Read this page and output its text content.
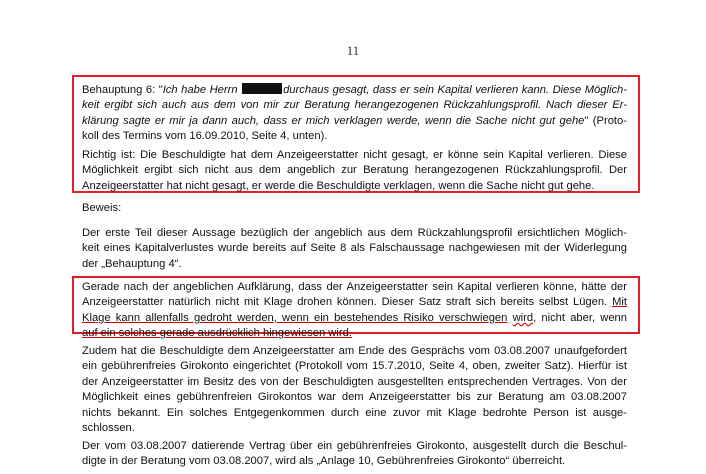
11
Behauptung 6: "Ich habe Herrn	durchaus gesagt, dass er sein Kapital verlieren kann. Diese Möglich-
keit ergibt sich auch aus dem von mir zur Beratung herangezogenen Rückzahlungsprofil. Nach dieser Er-
klärung sagte er mir ja dann auch, dass er mich verklagen werde, wenn die Sache nicht gut gehe" (Proto-
koll des Termins vom 16.09.2010, Seite 4, unten).
Richtig ist: Die Beschuldigte hat dem Anzeigeerstatter nicht gesagt, er könne sein Kapital verlieren. Diese
Möglichkeit ergibt sich nicht aus dem angeblich zur Beratung herangezogenen Rückzahlungsprofil. Der
Anzeigeerstatter hat nicht gesagt, er werde die Beschuldigte verklagen, wenn die Sache nicht gut gehe.
Beweis:
Der erste Teil dieser Aussage bezüglich der angeblich aus dem Rückzahlungsprofil ersichtlichen Möglich-
keit eines Kapitalverlustes wurde bereits auf Seite 8 als Falschaussage nachgewiesen mit der Widerlegung
der „Behauptung 4“.
Gerade nach der angeblichen Aufklärung, dass der Anzeigeerstatter sein Kapital verlieren könne, hätte der
Anzeigeerstatter natürlich nicht mit Klage drohen können. Dieser Satz straft sich bereits selbst Lügen. Mit
Klage kann allenfalls gedroht werden, wenn ein bestehendes Risiko verschwiegen wird, nicht aber, wenn
auf ein solches gerade ausdrücklich hingewiesen wird.
Zudem hat die Beschuldigte dem Anzeigeerstatter am Ende des Gesprächs vom 03.08.2007 unaufgefordert
ein gebührenfreies Girokonto eingerichtet (Protokoll vom 15.7.2010, Seite 4, oben, zweiter Satz). Hierfür ist
der Anzeigeerstatter im Besitz des von der Beschuldigten ausgestellten entsprechenden Vertrages. Von der
Möglichkeit eines gebührenfreien Girokontos war dem Anzeigeerstatter bis zur Beratung am 03.08.2007
nichts bekannt. Ein solches Entgegenkommen durch eine zuvor mit Klage bedrohte Person ist ausge-
schlossen.
Der vom 03.08.2007 datierende Vertrag über ein gebührenfreies Girokonto, ausgestellt durch die Beschul-
digte in der Beratung vom 03.08.2007, wird als „Anlage 10, Gebührenfreies Girokonto“ überreicht.
